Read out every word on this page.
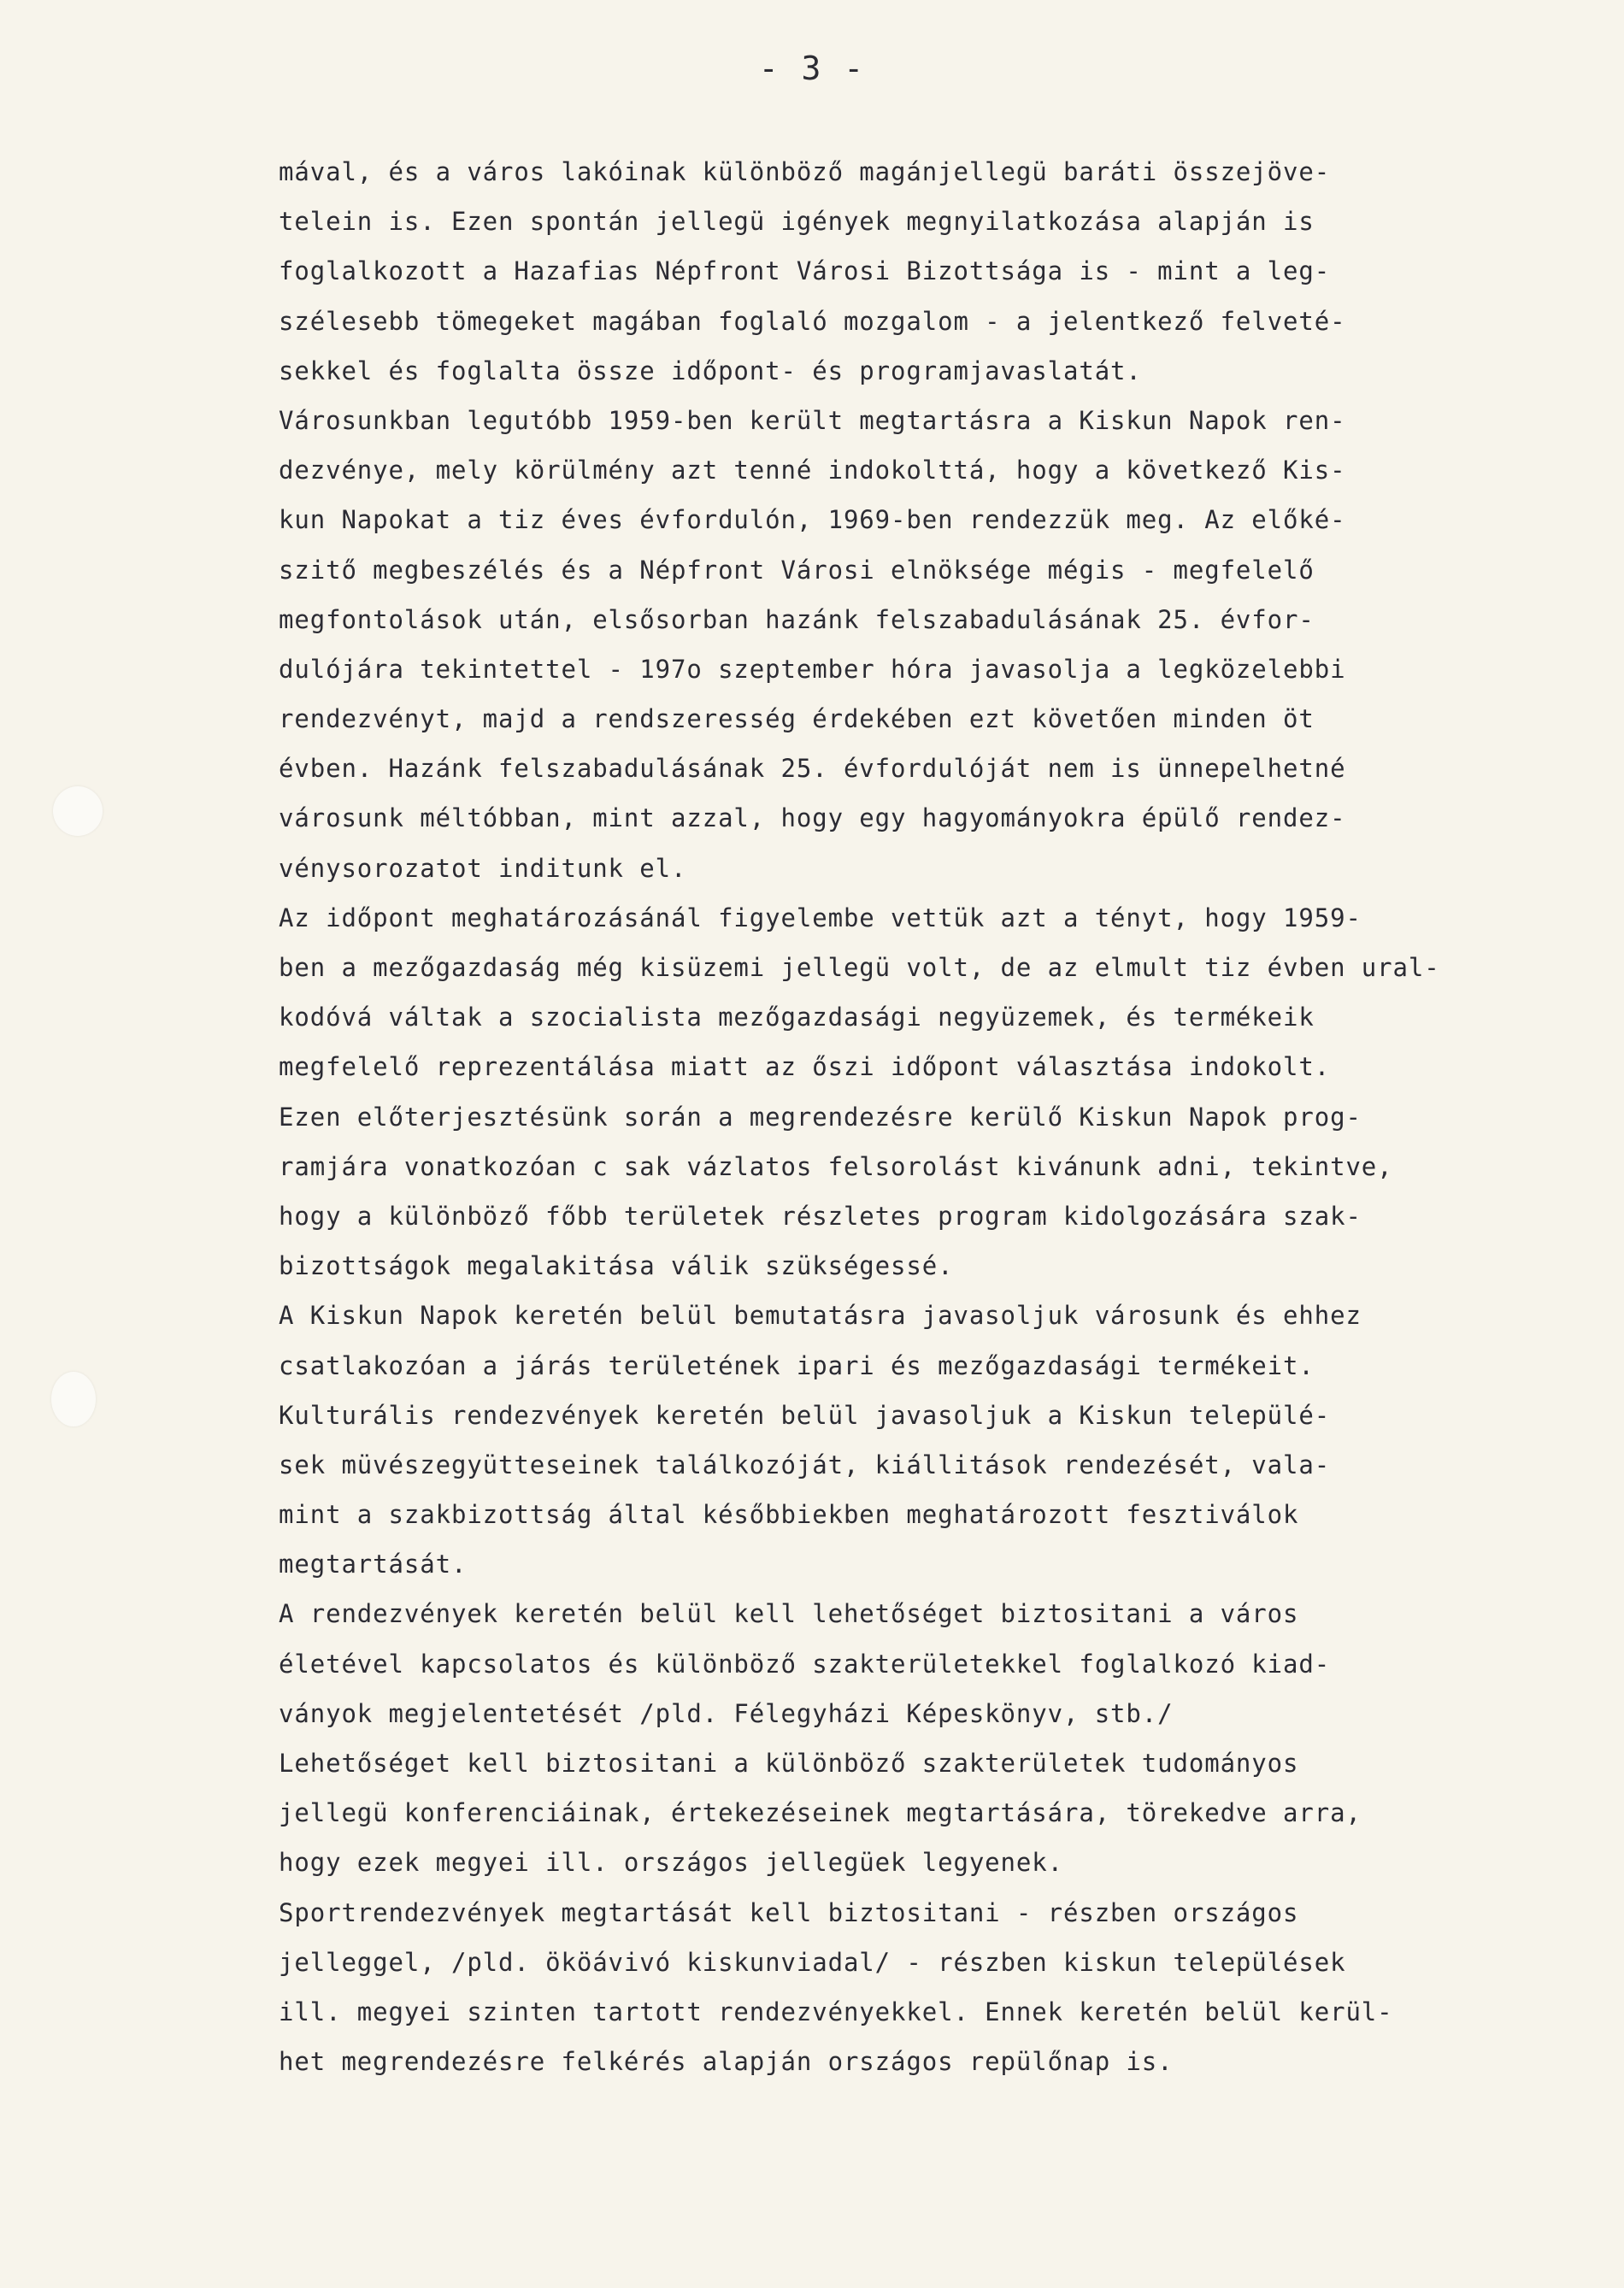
- 3 -
mával, és a város lakóinak különböző magánjellegü baráti összejöve-
telein is. Ezen spontán jellegü igények megnyilatkozása alapján is
foglalkozott a Hazafias Népfront Városi Bizottsága is - mint a leg-
szélesebb tömegeket magában foglaló mozgalom - a jelentkező felveté-
sekkel és foglalta össze időpont- és programjavaslatát.
Városunkban legutóbb 1959-ben került megtartásra a Kiskun Napok ren-
dezvénye, mely körülmény azt tenné indokolttá, hogy a következő Kis-
kun Napokat a tiz éves évfordulón, 1969-ben rendezzük meg. Az előké-
szitő megbeszélés és a Népfront Városi elnöksége mégis - megfelelő
megfontolások után, elsősorban hazánk felszabadulásának 25. évfor-
dulójára tekintettel - 197o szeptember hóra javasolja a legközelebbi
rendezvényt, majd a rendszeresség érdekében ezt követően minden öt
évben. Hazánk felszabadulásának 25. évfordulóját nem is ünnepelhetné
városunk méltóbban, mint azzal, hogy egy hagyományokra épülő rendez-
vénysorozatot inditunk el.
Az időpont meghatározásánál figyelembe vettük azt a tényt, hogy 1959-
ben a mezőgazdaság még kisüzemi jellegü volt, de az elmult tiz évben ural-
kodóvá váltak a szocialista mezőgazdasági negyüzemek, és termékeik
megfelelő reprezentálása miatt az őszi időpont választása indokolt.
Ezen előterjesztésünk során a megrendezésre kerülő Kiskun Napok prog-
ramjára vonatkozóan c sak vázlatos felsorolást kivánunk adni, tekintve,
hogy a különböző főbb területek részletes program kidolgozására szak-
bizottságok megalakitása válik szükségessé.
A Kiskun Napok keretén belül bemutatásra javasoljuk városunk és ehhez
csatlakozóan a járás területének ipari és mezőgazdasági termékeit.
Kulturális rendezvények keretén belül javasoljuk a Kiskun települé-
sek müvészegyütteseinek találkozóját, kiállitások rendezését, vala-
mint a szakbizottság által későbbiekben meghatározott fesztiválok
megtartását.
A rendezvények keretén belül kell lehetőséget biztositani a város
életével kapcsolatos és különböző szakterületekkel foglalkozó kiad-
ványok megjelentetését /pld. Félegyházi Képeskönyv, stb./
Lehetőséget kell biztositani a különböző szakterületek tudományos
jellegü konferenciáinak, értekezéseinek megtartására, törekedve arra,
hogy ezek megyei ill. országos jellegüek legyenek.
Sportrendezvények megtartását kell biztositani - részben országos
jelleggel, /pld. ököávivó kiskunviadal/ - részben kiskun települések
ill. megyei szinten tartott rendezvényekkel. Ennek keretén belül kerül-
het megrendezésre felkérés alapján országos repülőnap is.
